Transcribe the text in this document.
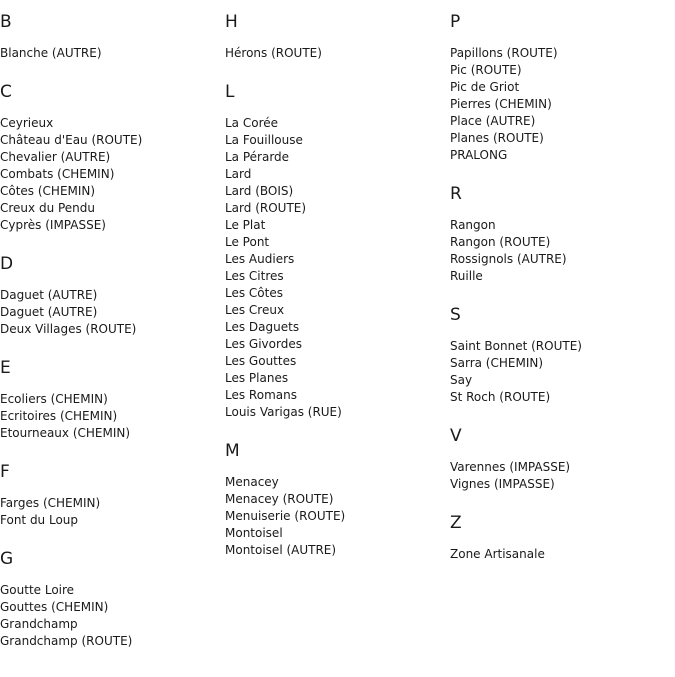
B
Blanche (AUTRE)
C
Ceyrieux
Château d'Eau (ROUTE)
Chevalier (AUTRE)
Combats (CHEMIN)
Côtes (CHEMIN)
Creux du Pendu
Cyprès (IMPASSE)
D
Daguet (AUTRE)
Daguet (AUTRE)
Deux Villages (ROUTE)
E
Ecoliers (CHEMIN)
Ecritoires (CHEMIN)
Etourneaux (CHEMIN)
F
Farges (CHEMIN)
Font du Loup
G
Goutte Loire
Gouttes (CHEMIN)
Grandchamp
Grandchamp (ROUTE)
H
Hérons (ROUTE)
L
La Corée
La Fouillouse
La Pérarde
Lard
Lard (BOIS)
Lard (ROUTE)
Le Plat
Le Pont
Les Audiers
Les Citres
Les Côtes
Les Creux
Les Daguets
Les Givordes
Les Gouttes
Les Planes
Les Romans
Louis Varigas (RUE)
M
Menacey
Menacey (ROUTE)
Menuiserie (ROUTE)
Montoisel
Montoisel (AUTRE)
P
Papillons (ROUTE)
Pic (ROUTE)
Pic de Griot
Pierres (CHEMIN)
Place (AUTRE)
Planes (ROUTE)
PRALONG
R
Rangon
Rangon (ROUTE)
Rossignols (AUTRE)
Ruille
S
Saint Bonnet (ROUTE)
Sarra (CHEMIN)
Say
St Roch (ROUTE)
V
Varennes (IMPASSE)
Vignes (IMPASSE)
Z
Zone Artisanale
